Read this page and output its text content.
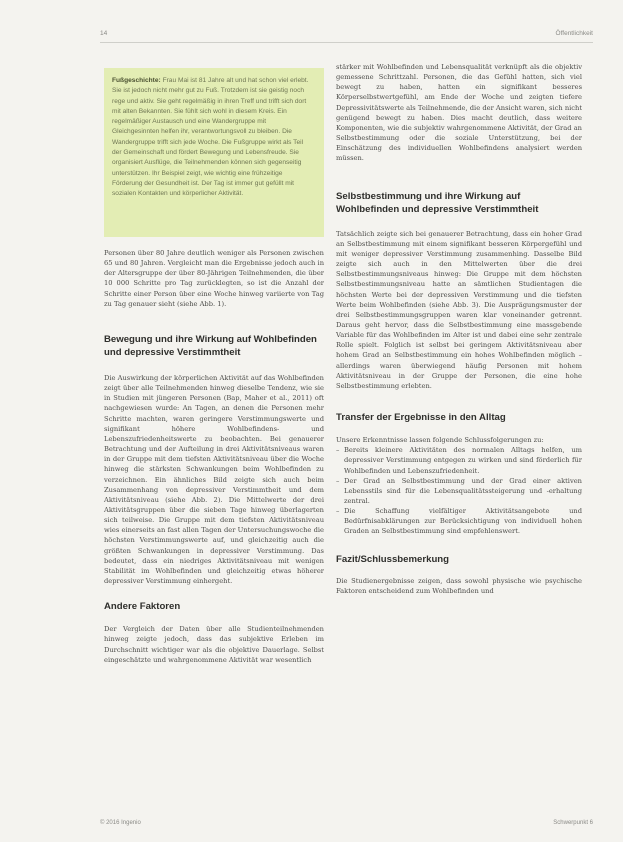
14	Öffentlichkeit
Fußgeschichte: Frau Mai ist 81 Jahre alt und hat schon viel erlebt. Sie ist jedoch nicht mehr gut zu Fuß. Trotzdem ist sie geistig noch rege und aktiv. Sie geht regelmäßig in ihren Treff und trifft sich dort mit alten Bekannten. Sie fühlt sich wohl in diesem Kreis. Ein regelmäßiger Austausch und eine Wandergruppe mit Gleichgesinnten helfen ihr, verantwortungsvoll zu bleiben. Die Wandergruppe trifft sich jede Woche. Die Fußgruppe wirkt als Teil der Gemeinschaft und fördert Bewegung und Lebensfreude. Sie organisiert Ausflüge, die Teilnehmenden können sich gegenseitig unterstützen. Ihr Beispiel zeigt, wie wichtig eine frühzeitige Förderung der Gesundheit ist. Der Tag ist immer gut gefüllt mit sozialen Kontakten und körperlicher Aktivität.

Personen über 80 Jahre deutlich weniger als Personen zwischen 65 und 80 Jahren. Vergleicht man die Ergebnisse jedoch auch in der Altersgruppe der über 80-Jährigen Teilnehmenden, die über 10 000 Schritte pro Tag zurücklegten, so ist die Anzahl der Schritte einer Person über eine Woche hinweg variierte von Tag zu Tag genauer sieht (siehe Abb. 1).

Bewegung und ihre Wirkung auf Wohlbefinden und depressive Verstimmtheit

Die Auswirkung der körperlichen Aktivität auf das Wohlbefinden zeigt über alle Teilnehmenden hinweg dieselbe Tendenz, wie sie in Studien mit jüngeren Personen (Bap, Maher et al., 2011) oft nachgewiesen wurde: An Tagen, an denen die Personen mehr Schritte machten, waren geringere Verstimmungswerte und signifikant höhere Wohlbefindens- und Lebenszufriedenheitswerte zu beobachten. Bei genauerer Betrachtung und der Aufteilung in drei Aktivitätsniveaus waren in der Gruppe mit dem tiefsten Aktivitätsniveau über die Woche hinweg die stärksten Schwankungen beim Wohlbefinden zu verzeichnen. Ein ähnliches Bild zeigte sich auch beim Zusammenhang von depressiver Verstimmtheit und dem Aktivitätsniveau (siehe Abb. 2). Die Mittelwerte der drei Aktivitätsgruppen über die sieben Tage hinweg überlagerten sich teilweise. Die Gruppe mit dem tiefsten Aktivitätsniveau wies einerseits an fast allen Tagen der Untersuchungswoche die höchsten Verstimmungswerte auf, und gleichzeitig auch die größten Schwankungen in depressiver Verstimmung. Das bedeutet, dass ein niedriges Aktivitätsniveau mit wenigen Stabilität im Wohlbefinden und gleichzeitig etwas höherer depressiver Verstimmung einhergeht.

Andere Faktoren

Der Vergleich der Daten über alle Studienteilnehmenden hinweg zeigte jedoch, dass das subjektive Erleben im Durchschnitt wichtiger war als die objektive Dauerlage. Selbst eingeschätzte und wahrgenommene Aktivität war wesentlich

stärker mit Wohlbefinden und Lebensqualität verknüpft als die objektiv gemessene Schrittzahl. Personen, die das Gefühl hatten, sich viel bewegt zu haben, hatten ein signifikant besseres Körperselbstwertgefühl, am Ende der Woche und zeigten tiefere Depressivitätswerte als Teilnehmende, die der Ansicht waren, sich nicht genügend bewegt zu haben. Dies macht deutlich, dass weitere Komponenten, wie die subjektiv wahrgenommene Aktivität, der Grad an Selbstbestimmung oder die soziale Unterstützung, bei der Einschätzung des individuellen Wohlbefindens analysiert werden müssen.

Selbstbestimmung und ihre Wirkung auf Wohlbefinden und depressive Verstimmtheit

Tatsächlich zeigte sich bei genauerer Betrachtung, dass ein hoher Grad an Selbstbestimmung mit einem signifikant besseren Körpergefühl und mit weniger depressiver Verstimmung zusammenhing. Dasselbe Bild zeigte sich auch in den Mittelwerten über die drei Selbstbestimmungsniveaus hinweg: Die Gruppe mit dem höchsten Selbstbestimmungsniveau hatte an sämtlichen Studientagen die höchsten Werte bei der depressiven Verstimmung und die tiefsten Werte beim Wohlbefinden (siehe Abb. 3). Die Ausprägungsmuster der drei Selbstbestimmungsgruppen waren klar voneinander getrennt. Daraus geht hervor, dass die Selbstbestimmung eine massgebende Variable für das Wohlbefinden im Alter ist und dabei eine sehr zentrale Rolle spielt. Folglich ist selbst bei geringem Aktivitätsniveau aber hohem Grad an Selbstbestimmung ein hohes Wohlbefinden möglich – allerdings waren überwiegend häufig Personen mit hohem Aktivitätsniveau in der Gruppe der Personen, die eine hohe Selbstbestimmung erlebten.

Transfer der Ergebnisse in den Alltag

Unsere Erkenntnisse lassen folgende Schlussfolgerungen zu:

– Bereits kleinere Aktivitäten des normalen Alltags helfen, um depressiver Verstimmung entgegen zu wirken und sind förderlich für Wohlbefinden und Lebenszufriedenheit.
– Der Grad an Selbstbestimmung und der Grad einer aktiven Lebensstils sind für die Lebensqualitätssteigerung und -erhaltung zentral.
– Die Schaffung vielfältiger Aktivitätsangebote und Bedürfnisabklärungen zur Berücksichtigung von individuell hohen Graden an Selbstbestimmung sind empfehlenswert.
Fazit/Schlussbemerkung

Die Studienergebnisse zeigen, dass sowohl physische wie psychische Faktoren entscheidend zum Wohlbefinden und

© 2016 Ingenio	Schwerpunkt 6
